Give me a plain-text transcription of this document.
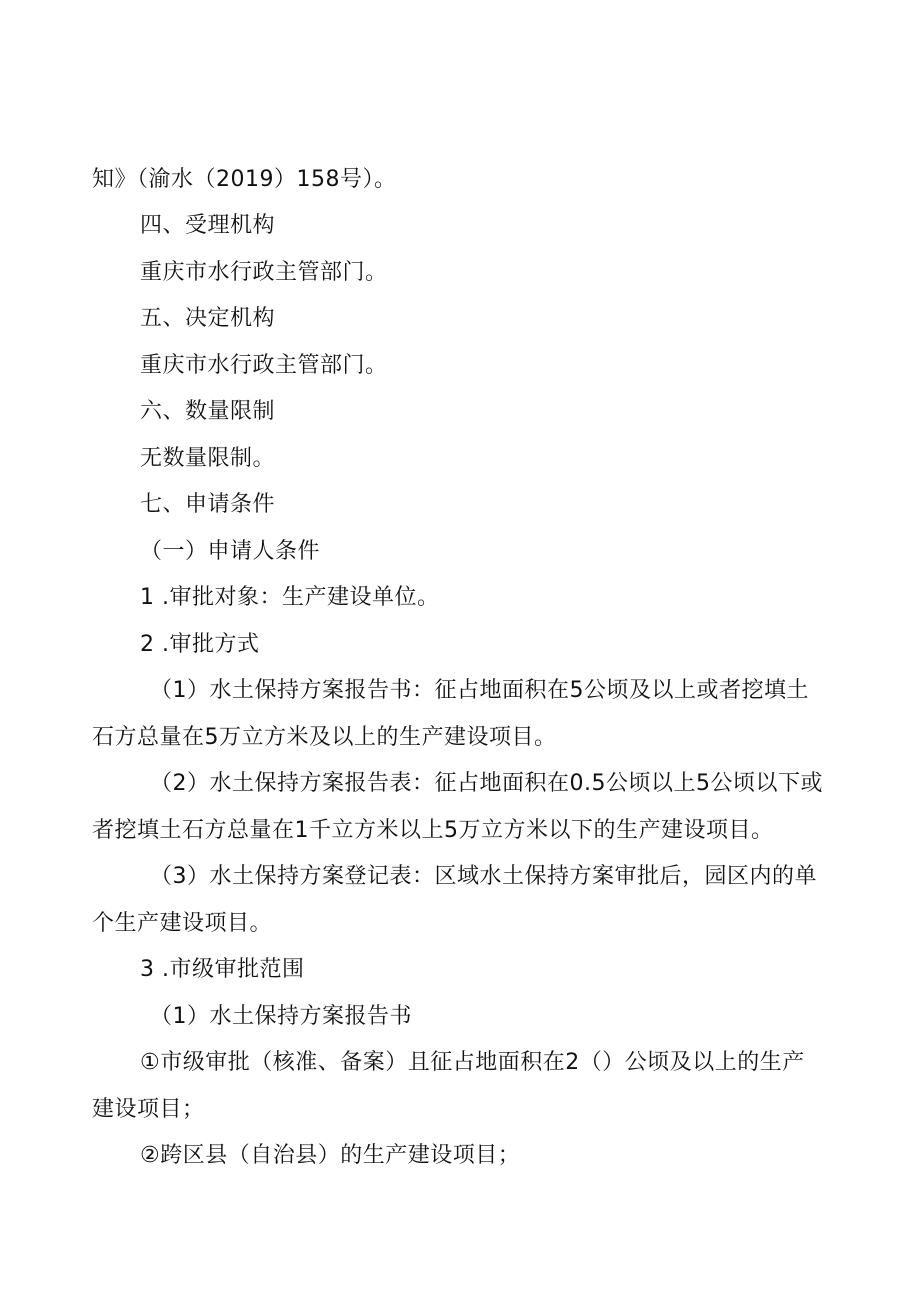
知》（渝水（2019）158号）。
四、受理机构
重庆市水行政主管部门。
五、决定机构
重庆市水行政主管部门。
六、数量限制
无数量限制。
七、申请条件
（一）申请人条件
1 .审批对象：生产建设单位。
2 .审批方式
（1）水土保持方案报告书：征占地面积在5公顷及以上或者挖填土
石方总量在5万立方米及以上的生产建设项目。
（2）水土保持方案报告表：征占地面积在0.5公顷以上5公顷以下或
者挖填土石方总量在1千立方米以上5万立方米以下的生产建设项目。
（3）水土保持方案登记表：区域水土保持方案审批后，园区内的单
个生产建设项目。
3 .市级审批范围
（1）水土保持方案报告书
①市级审批（核准、备案）且征占地面积在2（）公顷及以上的生产
建设项目；
②跨区县（自治县）的生产建设项目；
